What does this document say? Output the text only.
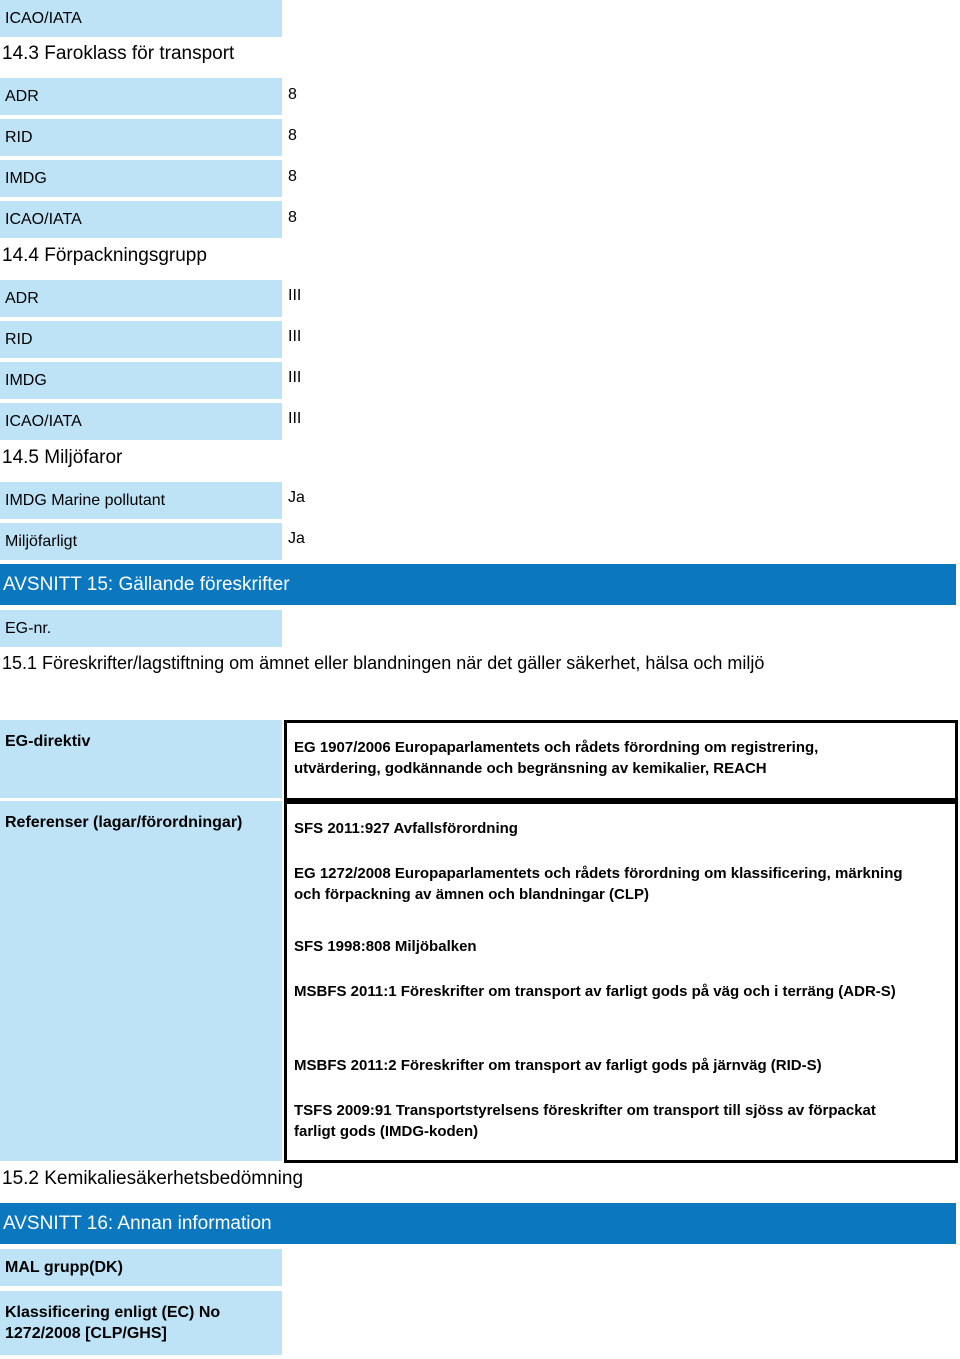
ICAO/IATA
14.3 Faroklass för transport
ADR	8
RID	8
IMDG	8
ICAO/IATA	8
14.4 Förpackningsgrupp
ADR	III
RID	III
IMDG	III
ICAO/IATA	III
14.5 Miljöfaror
IMDG Marine pollutant	Ja
Miljöfarligt	Ja
AVSNITT 15: Gällande föreskrifter
EG-nr.
15.1 Föreskrifter/lagstiftning om ämnet eller blandningen när det gäller säkerhet, hälsa och miljö
EG-direktiv	EG 1907/2006 Europaparlamentets och rådets förordning om registrering, utvärdering, godkännande och begränsning av kemikalier, REACH
Referenser (lagar/förordningar)	SFS 2011:927 Avfallsförordning
EG 1272/2008 Europaparlamentets och rådets förordning om klassificering, märkning och förpackning av ämnen och blandningar (CLP)
SFS 1998:808 Miljöbalken
MSBFS 2011:1 Föreskrifter om transport av farligt gods på väg och i terräng (ADR-S)
MSBFS 2011:2 Föreskrifter om transport av farligt gods på järnväg (RID-S)
TSFS 2009:91 Transportstyrelsens föreskrifter om transport till sjöss av förpackat farligt gods (IMDG-koden)
15.2 Kemikaliesäkerhetsbedömning
AVSNITT 16: Annan information
MAL grupp(DK)
Klassificering enligt (EC) No 1272/2008 [CLP/GHS]
